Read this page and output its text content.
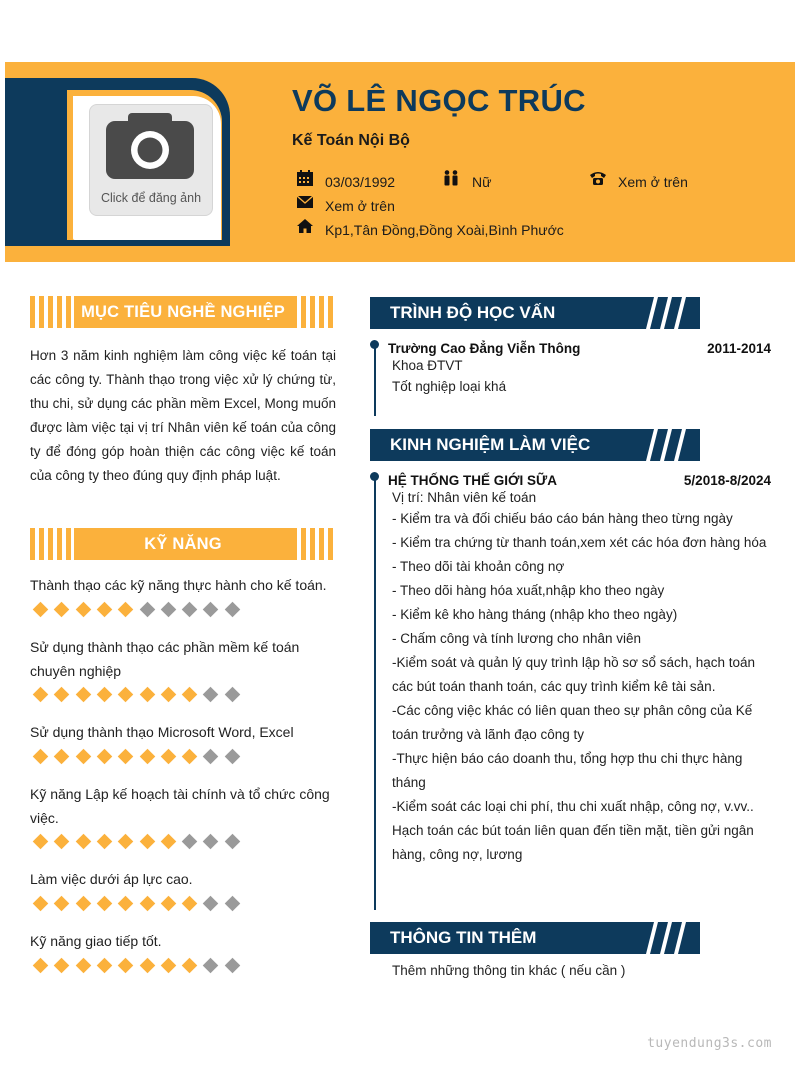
Click để đăng ảnh
VÕ LÊ NGỌC TRÚC
Kế Toán Nội Bộ
03/03/1992	Nữ	Xem ở trên
Xem ở trên
Kp1,Tân Đồng,Đồng Xoài,Bình Phước
MỤC TIÊU NGHỀ NGHIỆP
Hơn 3 năm kinh nghiệm làm công việc kế toán tại các công ty. Thành thạo trong việc xử lý chứng từ, thu chi, sử dụng các phần mềm Excel, Mong muốn được làm việc tại vị trí Nhân viên kế toán của công ty để đóng góp hoàn thiện các công việc kế toán của công ty theo đúng quy định pháp luật.
KỸ NĂNG
Thành thạo các kỹ năng thực hành cho kế toán.
Sử dụng thành thạo các phần mềm kế toán chuyên nghiệp
Sử dụng thành thạo Microsoft Word, Excel
Kỹ năng Lập kế hoạch tài chính và tổ chức công việc.
Làm việc dưới áp lực cao.
Kỹ năng giao tiếp tốt.
TRÌNH ĐỘ HỌC VẤN
Trường Cao Đẳng Viễn Thông	2011-2014
Khoa ĐTVT
Tốt nghiệp loại khá
KINH NGHIỆM LÀM VIỆC
HỆ THỐNG THẾ GIỚI SỮA	5/2018-8/2024
Vị trí: Nhân viên kế toán
- Kiểm tra và đối chiếu báo cáo bán hàng theo từng ngày
- Kiểm tra chứng từ thanh toán,xem xét các hóa đơn hàng hóa
- Theo dõi tài khoản công nợ
- Theo dõi hàng hóa xuất,nhập kho theo ngày
- Kiểm kê kho hàng tháng (nhập kho theo ngày)
- Chấm công và tính lương cho nhân viên
-Kiểm soát và quản lý quy trình lập hồ sơ sổ sách, hạch toán các bút toán thanh toán, các quy trình kiểm kê tài sản.
-Các công việc khác có liên quan theo sự phân công của Kế toán trưởng và lãnh đạo công ty
-Thực hiện báo cáo doanh thu, tổng hợp thu chi thực hàng tháng
-Kiểm soát các loại chi phí, thu chi xuất nhập, công nợ, v.vv.. Hạch toán các bút toán liên quan đến tiền mặt, tiền gửi ngân hàng, công nợ, lương
THÔNG TIN THÊM
Thêm những thông tin khác ( nếu cần )
tuyendung3s.com
